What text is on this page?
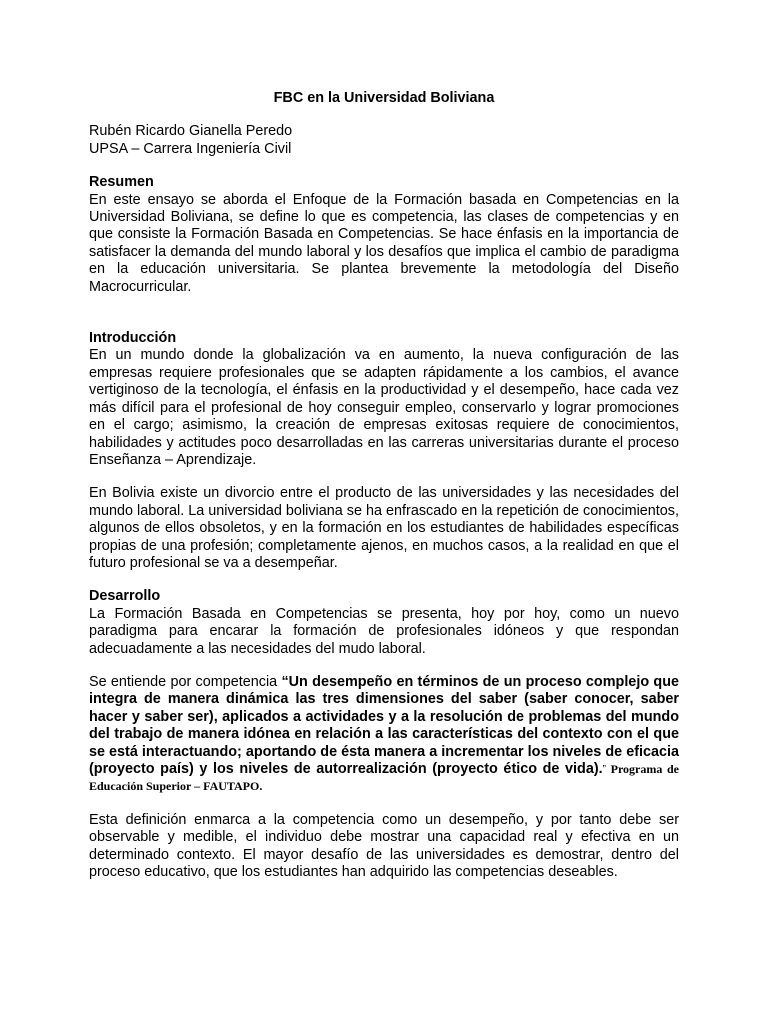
FBC en la Universidad Boliviana

Rubén Ricardo Gianella Peredo

UPSA – Carrera Ingeniería Civil

Resumen

En este ensayo se aborda el Enfoque de la Formación basada en Competencias en la Universidad Boliviana, se define lo que es competencia, las clases de competencias y en que consiste la Formación Basada en Competencias. Se hace énfasis en la importancia de satisfacer la demanda del mundo laboral y los desafíos que implica el cambio de paradigma en la educación universitaria. Se plantea brevemente la metodología del Diseño Macrocurricular.

Introducción

En un mundo donde la globalización va en aumento, la nueva configuración de las empresas requiere profesionales que se adapten rápidamente a los cambios, el avance vertiginoso de la tecnología, el énfasis en la productividad y el desempeño, hace cada vez más difícil para el profesional de hoy conseguir empleo, conservarlo y lograr promociones en el cargo; asimismo, la creación de empresas exitosas requiere de conocimientos, habilidades y actitudes poco desarrolladas en las carreras universitarias durante el proceso Enseñanza – Aprendizaje.

En Bolivia existe un divorcio entre el producto de las universidades y las necesidades del mundo laboral. La universidad boliviana se ha enfrascado en la repetición de conocimientos, algunos de ellos obsoletos, y en la formación en los estudiantes de habilidades específicas propias de una profesión; completamente ajenos, en muchos casos, a la realidad en que el futuro profesional se va a desempeñar.

Desarrollo

La Formación Basada en Competencias se presenta, hoy por hoy, como un nuevo paradigma para encarar la formación de profesionales idóneos y que respondan adecuadamente a las necesidades del mudo laboral.

Se entiende por competencia “Un desempeño en términos de un proceso complejo que integra de manera dinámica las tres dimensiones del saber (saber conocer, saber hacer y saber ser), aplicados a actividades y a la resolución de problemas del mundo del trabajo de manera idónea en relación a las características del contexto con el que se está interactuando; aportando de ésta manera a incrementar los niveles de eficacia (proyecto país) y los niveles de autorrealización (proyecto ético de vida).” Programa de Educación Superior – FAUTAPO.

Esta definición enmarca a la competencia como un desempeño, y por tanto debe ser observable y medible, el individuo debe mostrar una capacidad real y efectiva en un determinado contexto. El mayor desafío de las universidades es demostrar, dentro del proceso educativo, que los estudiantes han adquirido las competencias deseables.
